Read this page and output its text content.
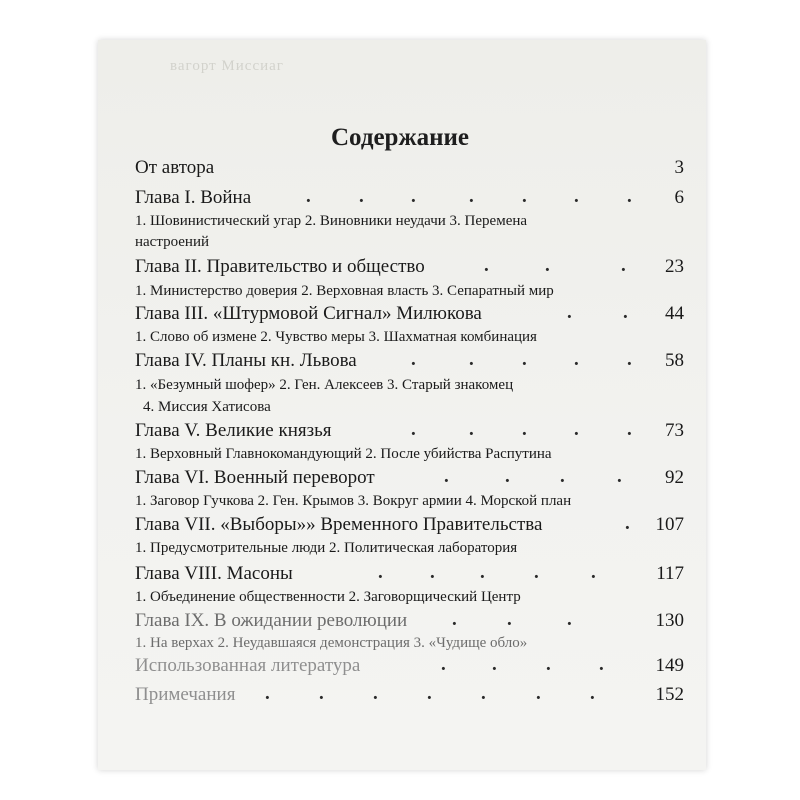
вагорт Миссиаг
Содержание
От автора	3
Глава I. Война	.	. .	.	. .	.	6
1. Шовинистический угар 2. Виновники неудачи 3. Перемена
настроений
Глава II. Правительство и общество	.	.	.	23
1. Министерство доверия 2. Верховная власть 3. Сепаратный мир
Глава III. «Штурмовой Сигнал» Милюкова	.	.	44
1. Слово об измене 2. Чувство меры 3. Шахматная комбинация
Глава IV. Планы кн. Львова	.	.	. .	.	58
1. «Безумный шофер» 2. Ген. Алексеев 3. Старый знакомец
4. Миссия Хатисова
Глава V. Великие князья	.	.	. .	.	73
1. Верховный Главнокомандующий 2. После убийства Распутина
Глава VI. Военный переворот	.	.	.	.	92
1. Заговор Гучкова 2. Ген. Крымов 3. Вокруг армии 4. Морской план
Глава VII. «Выборы»» Временного Правительства	.	107
1. Предусмотрительные люди 2. Политическая лаборатория
Глава VIII. Масоны	. . .	.	.	117
1. Объединение общественности 2. Заговорщический Центр
Глава IX. В ожидании революции .	.	.	130
1. На верхах 2. Неудавшаяся демонстрация 3. «Чудище обло»
Использованная литература	. .	.	.	149
Примечания .	.	.	.	.	.	.	152
